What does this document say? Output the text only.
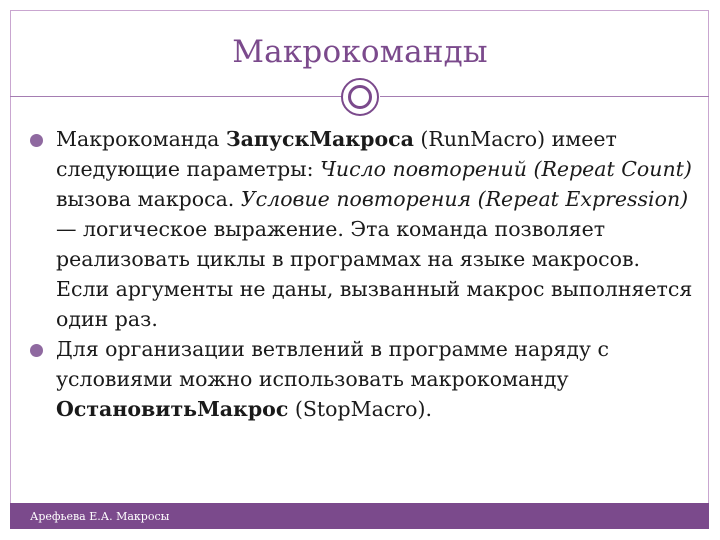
Макрокоманды
Макрокоманда ЗапускМакроса (RunMacro) имеет следующие параметры: Число повторений (Repeat Count) вызова макроса. Условие повторения (Repeat Expression) — логическое выражение. Эта команда позволяет реализовать циклы в программах на языке макросов. Если аргументы не даны, вызванный макрос выполняется один раз.
Для организации ветвлений в программе наряду с условиями можно использовать макрокоманду ОстановитьМакрос (StopMacro).
Арефьева Е.А. Макросы
